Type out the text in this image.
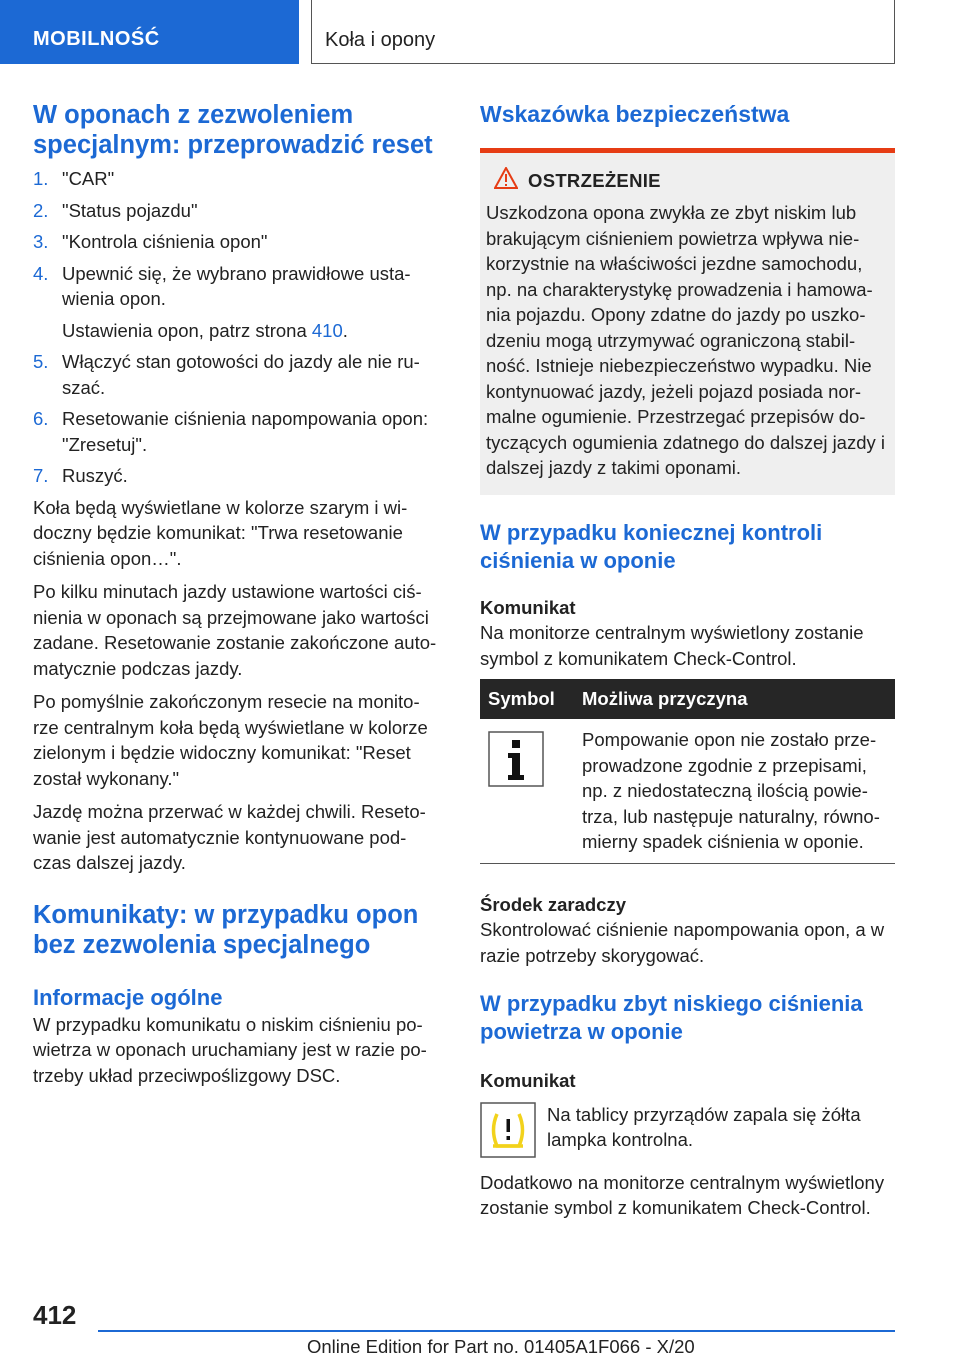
MOBILNOŚĆ	Koła i opony
W oponach z zezwoleniem specjalnym: przeprowadzić reset
1. "CAR"
2. "Status pojazdu"
3. "Kontrola ciśnienia opon"
4. Upewnić się, że wybrano prawidłowe ustawienia opon.
Ustawienia opon, patrz strona 410.
5. Włączyć stan gotowości do jazdy ale nie ruszać.
6. Resetowanie ciśnienia napompowania opon: "Zresetuj".
7. Ruszyć.

Koła będą wyświetlane w kolorze szarym i widoczny będzie komunikat: "Trwa resetowanie ciśnienia opon…".

Po kilku minutach jazdy ustawione wartości ciśnienia w oponach są przejmowane jako wartości zadane. Resetowanie zostanie zakończone automatycznie podczas jazdy.

Po pomyślnie zakończonym resecie na monitorze centralnym koła będą wyświetlane w kolorze zielonym i będzie widoczny komunikat: "Reset został wykonany."

Jazdę można przerwać w każdej chwili. Resetowanie jest automatycznie kontynuowane podczas dalszej jazdy.

Komunikaty: w przypadku opon bez zezwolenia specjalnego
Informacje ogólne

W przypadku komunikatu o niskim ciśnieniu powietrza w oponach uruchamiany jest w razie potrzeby układ przeciwpoślizgowy DSC.

Wskazówka bezpieczeństwa
OSTRZEŻENIE

Uszkodzona opona zwykła ze zbyt niskim lub brakującym ciśnieniem powietrza wpływa niekorzystnie na właściwości jezdne samochodu, np. na charakterystykę prowadzenia i hamowania pojazdu. Opony zdatne do jazdy po uszkodzeniu mogą utrzymywać ograniczoną stabilność. Istnieje niebezpieczeństwo wypadku. Nie kontynuować jazdy, jeżeli pojazd posiada normalne ogumienie. Przestrzegać przepisów dotyczących ogumienia zdatnego do dalszej jazdy i dalszej jazdy z takimi oponami.

W przypadku koniecznej kontroli ciśnienia w oponie

Komunikat

Na monitorze centralnym wyświetlony zostanie symbol z komunikatem Check-Control.

Symbol	Możliwa przyczyna

	Pompowanie opon nie zostało przeprowadzone zgodnie z przepisami, np. z niedostateczną ilością powietrza, lub następuje naturalny, równomierny spadek ciśnienia w oponie.

Środek zaradczy

Skontrolować ciśnienie napompowania opon, a w razie potrzeby skorygować.

W przypadku zbyt niskiego ciśnienia powietrza w oponie

Komunikat

Na tablicy przyrządów zapala się żółta lampka kontrolna.

Dodatkowo na monitorze centralnym wyświetlony zostanie symbol z komunikatem Check-Control.

412
Online Edition for Part no. 01405A1F066 - X/20
